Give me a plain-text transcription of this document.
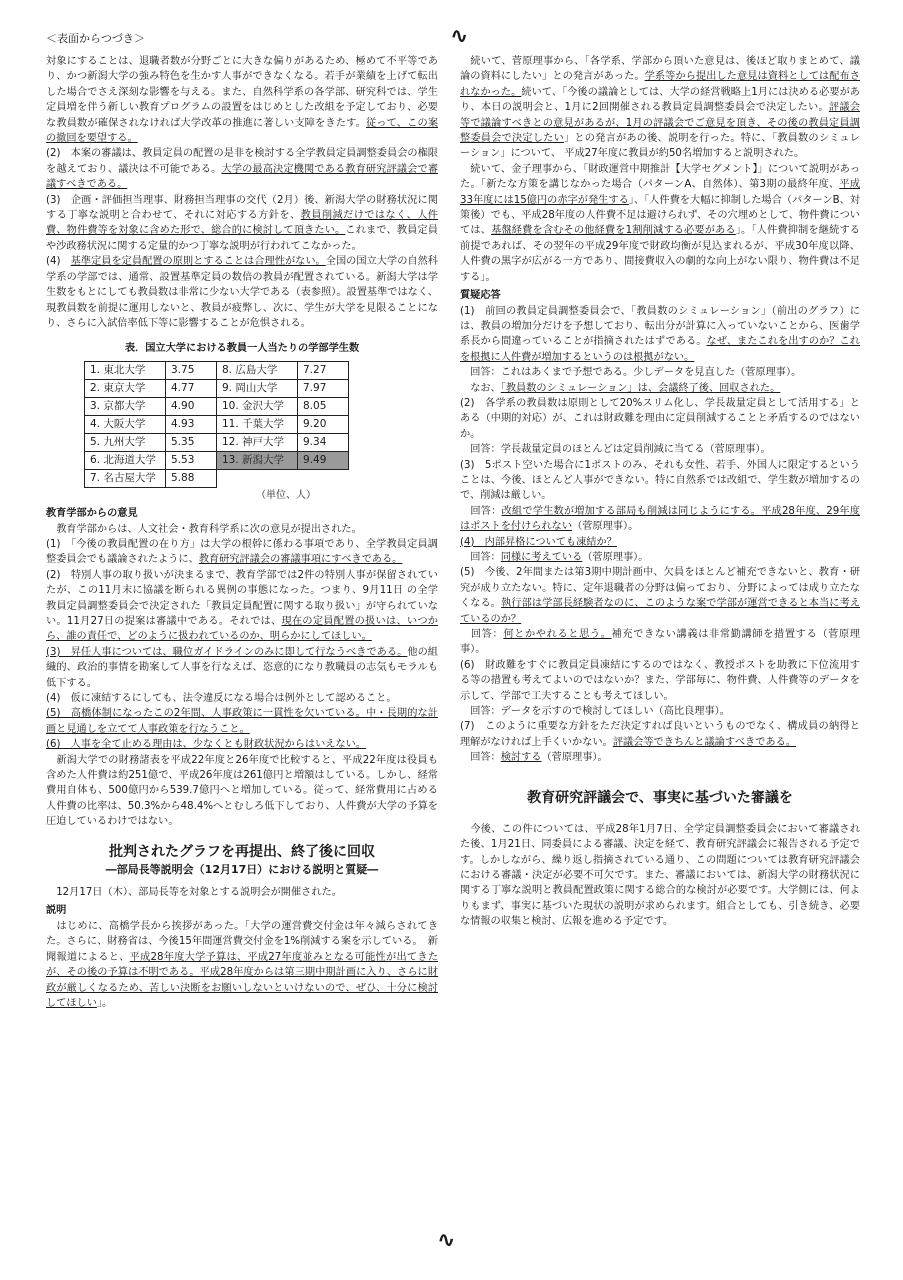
∿
＜表面からつづき＞

対象にすることは、退職者数が分野ごとに大きな偏りがあるため、極めて不平等であり、かつ新潟大学の強み特色を生かす人事ができなくなる。若手が業績を上げて転出した場合でさえ深刻な影響を与える。また、自然科学系の各学部、研究科では、学生定員増を伴う新しい教育プログラムの設置をはじめとした改組を予定しており、必要な教員数が確保されなければ大学改革の推進に著しい支障をきたす。従って、この案の撤回を要望する。

(2)　本案の審議は、教員定員の配置の是非を検討する全学教員定員調整委員会の権限を越えており、議決は不可能である。大学の最高決定機関である教育研究評議会で審議すべきである。

(3)　企画・評価担当理事、財務担当理事の交代（2月）後、新潟大学の財務状況に関する丁寧な説明と合わせて、それに対応する方針を、教員削減だけではなく、人件費、物件費等を対象に含めた形で、総合的に検討して頂きたい。これまで、教員定員や沙政務状況に関する定量的かつ丁寧な説明が行われてこなかった。

(4)　基準定員を定員配置の原則とすることは合理性がない。全国の国立大学の自然科学系の学部では、通常、設置基準定員の数倍の教員が配置されている。新潟大学は学生数をもとにしても教員数は非常に少ない大学である（表参照）。設置基準ではなく、現教員数を前提に運用しないと、教員が疲弊し、次に、学生が大学を見限ることになり、さらに入試倍率低下等に影響することが危惧される。

表．国立大学における教員一人当たりの学部学生数

1. 東北大学	3.75	8. 広島大学	7.27
2. 東京大学	4.77	9. 岡山大学	7.97
3. 京都大学	4.90	10. 金沢大学	8.05
4. 大阪大学	4.93	11. 千葉大学	9.20
5. 九州大学	5.35	12. 神戸大学	9.34
6. 北海道大学	5.53	13. 新潟大学	9.49
7. 名古屋大学	5.88		

（単位、人）

教育学部からの意見

　教育学部からは、人文社会・教育科学系に次の意見が提出された。

(1)　「今後の教員配置の在り方」は大学の根幹に係わる事項であり、全学教員定員調整委員会でも議論されたように、教育研究評議会の審議事項にすべきである。

(2)　特別人事の取り扱いが決まるまで、教育学部では2件の特別人事が保留されていたが、この11月末に協議を断られる異例の事態になった。つまり、9月11日 の全学教員定員調整委員会で決定された「教員定員配置に関する取り扱い」が守られていない。11月27日の提案は審議中である。それでは、現在の定員配置の扱いは、いつから、誰の責任で、どのように扱われているのか、明らかにしてほしい。

(3)　昇任人事については、職位ガイドラインのみに即して行なうべきである。他の組織的、政治的事情を勘案して人事を行なえば、恣意的になり教職員の志気もモラルも低下する。

(4)　仮に凍結するにしても、法令違反になる場合は例外として認めること。

(5)　高橋体制になったこの2年間、人事政策に一貫性を欠いている。中・長期的な計画と見通しを立てて人事政策を行なうこと。

(6)　人事を全て止める理由は、少なくとも財政状況からはいえない。

　新潟大学での財務諸表を平成22年度と26年度で比較すると、平成22年度は役員も含めた人件費は約251億で、平成26年度は261億円と増額はしている。しかし、経常費用自体も、500億円から539.7億円へと増加している。従って、経常費用に占める人件費の比率は、50.3%から48.4%へとむしろ低下しており、人件費が大学の予算を圧迫しているわけではない。

批判されたグラフを再提出、終了後に回収

―部局長等説明会（12月17日）における説明と質疑―

　12月17日（木）、部局長等を対象とする説明会が開催された。

説明

　はじめに、高橋学長から挨拶があった。「大学の運営費交付金は年々減らされてきた。さらに、財務省は、今後15年間運営費交付金を1%削減する案を示している。　新聞報道によると、平成28年度大学予算は、平成27年度並みとなる可能性が出てきたが、その後の予算は不明である。平成28年度からは第三期中期計画に入り、さらに財政が厳しくなるため、苦しい決断をお願いしないといけないので、ぜひ、十分に検討してほしい」。

　続いて、菅原理事から、「各学系、学部から頂いた意見は、後ほど取りまとめて、議論の資料にしたい」との発言があった。学系等から提出した意見は資料としては配布されなかった。続いて、「今後の議論としては、大学の経営戦略上1月には決める必要があり、本日の説明会と、1月に2回開催される教員定員調整委員会で決定したい。評議会等で議論すべきとの意見があるが、1月の評議会でご意見を頂き、その後の教員定員調整委員会で決定したい」との発言があの後、説明を行った。特に、「教員数のシミュレーション」について、 平成27年度に教員が約50名増加すると説明された。

　続いて、金子理事から、「財政運営中期推計【大学セグメント】」について説明があった。「新たな方策を講じなかった場合（パターンA、自然体）、第3期の最終年度、平成33年度には15億円の赤字が発生する」、「人件費を大幅に抑制した場合（パターンB、対策後）でも、平成28年度の人件費不足は避けられず、その穴埋めとして、物件費については、基盤経費を含むその他経費を1割削減する必要がある」。「人件費抑制を継続する前提であれば、その翌年の平成29年度で財政均衡が見込まれるが、平成30年度以降、人件費の黒字が広がる一方であり、間接費収入の劇的な向上がない限り、物件費は不足する」。

質疑応答

(1)　前回の教員定員調整委員会で、「教員数のシミュレーション」（前出のグラフ）には、教員の増加分だけを予想しており、転出分が計算に入っていないことから、医歯学系長から間違っていることが指摘されたはずである。なぜ、またこれを出すのか？これを根拠に人件費が増加するというのは根拠がない。

　回答：これはあくまで予想である。少しデータを見直した（菅原理事）。

　なお、「教員数のシミュレーション」は、会議終了後、回収された。

(2)　各学系の教員数は原則として20%スリム化し、学長裁量定員として活用する」とある（中期的対応）が、これは財政難を理由に定員削減することと矛盾するのではないか。

　回答：学長裁量定員のほとんどは定員削減に当てる（菅原理事）。

(3)　5ポスト空いた場合に1ポストのみ、それも女性、若手、外国人に限定するということは、今後、ほとんど人事ができない。特に自然系では改組で、学生数が増加するので、削減は厳しい。

　回答：改組で学生数が増加する部局も削減は同じようにする。平成28年度、29年度はポストを付けられない（菅原理事）。

(4)　内部昇格についても凍結か？

　回答：同様に考えている（菅原理事）。

(5)　今後、2年間または第3期中期計画中、欠員をほとんど補充できないと、教育・研究が成り立たない。特に、定年退職者の分野は偏っており、分野によっては成り立たなくなる。執行部は学部長経験者なのに、このような案で学部が運営できると本当に考えているのか？

　回答：何とかやれると思う。補充できない講義は非常勤講師を措置する（菅原理事）。

(6)　財政難をすぐに教員定員凍結にするのではなく、教授ポストを助教に下位流用する等の措置も考えてよいのではないか？また、学部毎に、物件費、人件費等のデータを示して、学部で工夫することも考えてほしい。

　回答：データを示すので検討してほしい（高比良理事）。

(7)　このように重要な方針をただ決定すれば良いというものでなく、構成員の納得と理解がなければ上手くいかない。評議会等できちんと議論すべきである。

　回答：検討する（菅原理事）。

教育研究評議会で、事実に基づいた審議を

　今後、この件については、平成28年1月7日、全学定員調整委員会において審議された後、1月21日、同委員による審議、決定を経て、教育研究評議会に報告される予定です。しかしながら、繰り返し指摘されている通り、この問題については教育研究評議会における審議・決定が必要不可欠です。また、審議においては、新潟大学の財務状況に関する丁寧な説明と教員配置政策に関する総合的な検討が必要です。大学側には、何よりもまず、事実に基づいた現状の説明が求められます。組合としても、引き続き、必要な情報の収集と検討、広報を進める予定です。

∿
